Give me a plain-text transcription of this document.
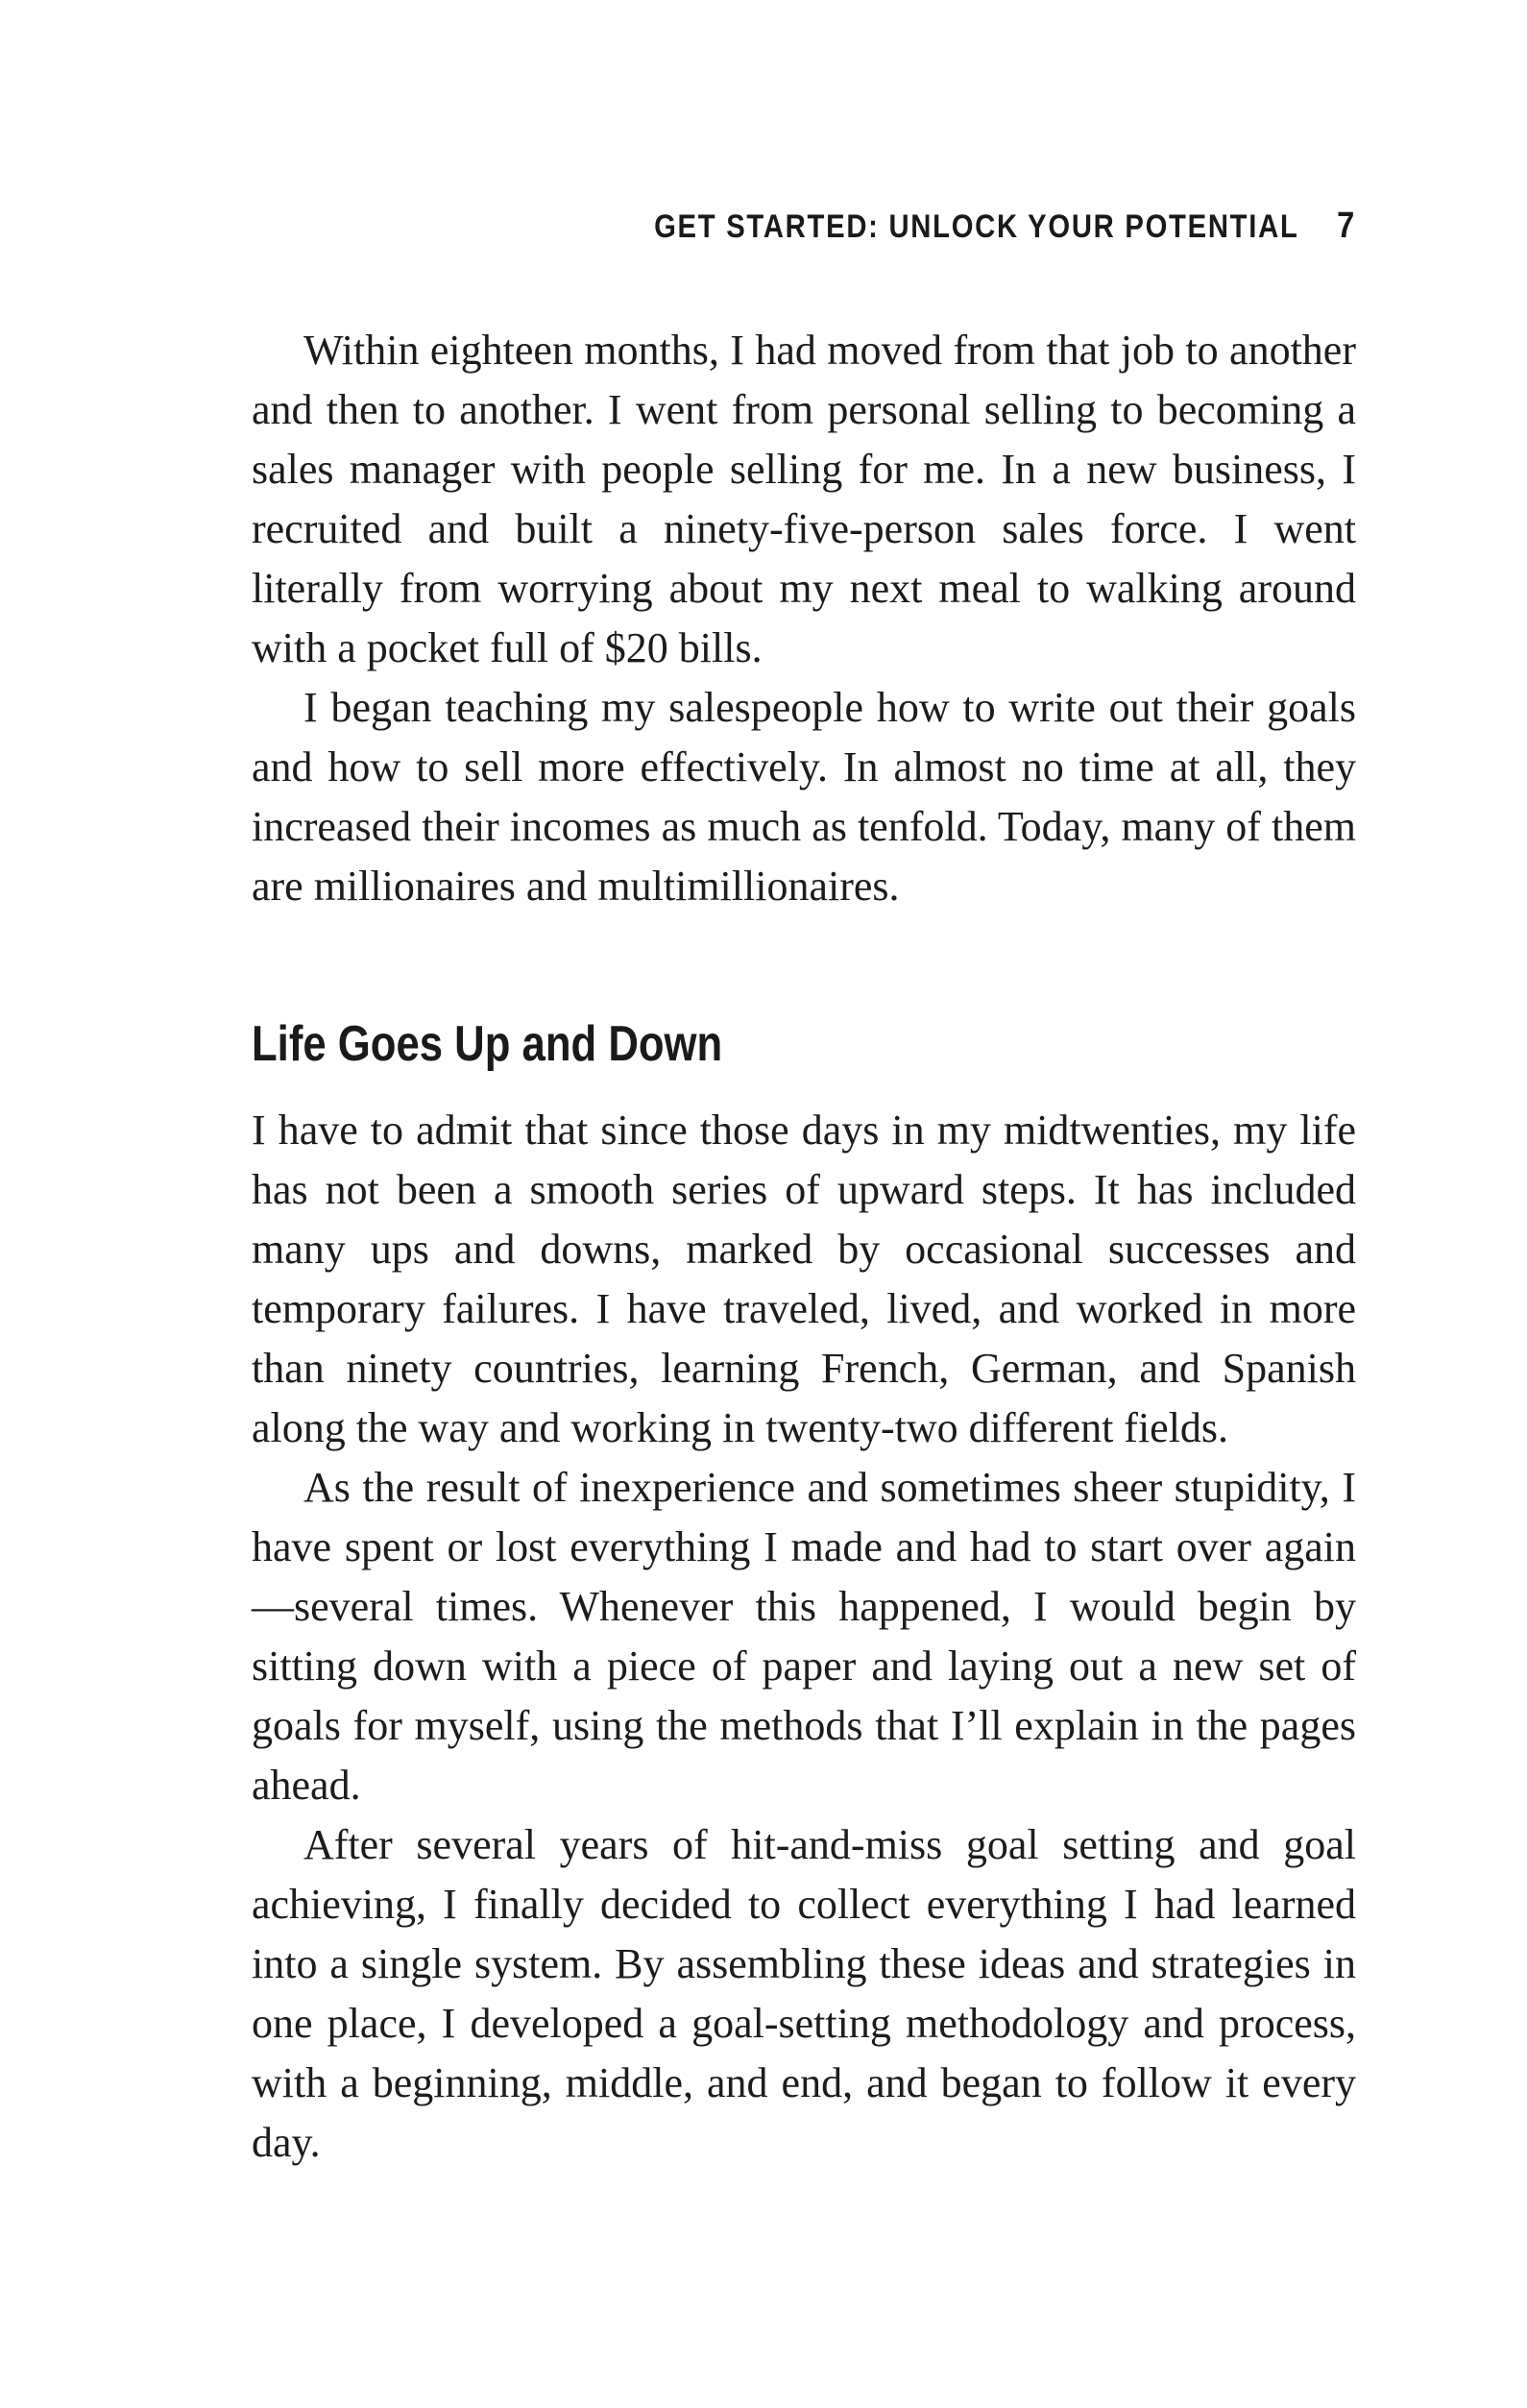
GET STARTED: UNLOCK YOUR POTENTIAL 7

Within eighteen months, I had moved from that job to another and then to another. I went from personal selling to becoming a sales manager with people selling for me. In a new business, I recruited and built a ninety-five-person sales force. I went literally from worrying about my next meal to walking around with a pocket full of $20 bills.

I began teaching my salespeople how to write out their goals and how to sell more effectively. In almost no time at all, they increased their incomes as much as tenfold. Today, many of them are millionaires and multimillionaires.

Life Goes Up and Down

I have to admit that since those days in my midtwenties, my life has not been a smooth series of upward steps. It has included many ups and downs, marked by occasional successes and temporary failures. I have traveled, lived, and worked in more than ninety countries, learning French, German, and Spanish along the way and working in twenty-two different fields.

As the result of inexperience and sometimes sheer stupidity, I have spent or lost everything I made and had to start over again—several times. Whenever this happened, I would begin by sitting down with a piece of paper and laying out a new set of goals for myself, using the methods that I’ll explain in the pages ahead.

After several years of hit-and-miss goal setting and goal achieving, I finally decided to collect everything I had learned into a single system. By assembling these ideas and strategies in one place, I developed a goal-setting methodology and process, with a beginning, middle, and end, and began to follow it every day.
